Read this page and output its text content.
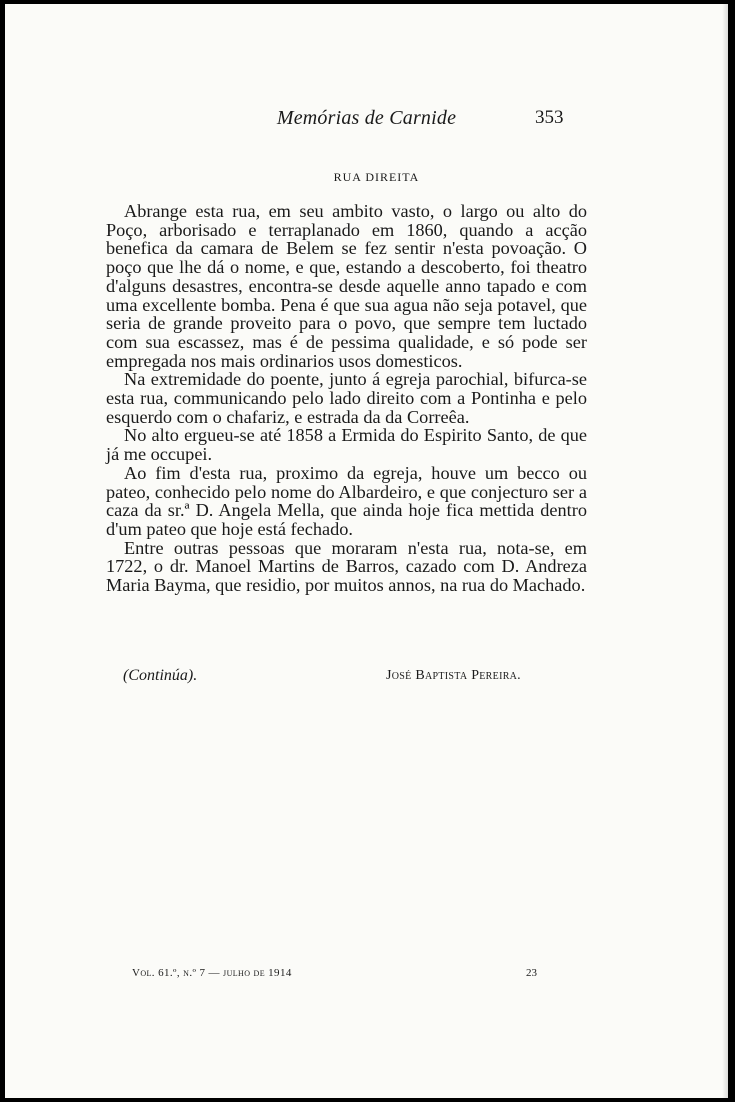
Memórias de Carnide	353
RUA DIREITA

Abrange esta rua, em seu ambito vasto, o largo ou alto do Poço, arborisado e terraplanado em 1860, quando a acção benefica da camara de Belem se fez sentir n'esta povoação. O poço que lhe dá o nome, e que, estando a descoberto, foi theatro d'alguns desastres, encontra-se desde aquelle anno tapado e com uma excellente bomba. Pena é que sua agua não seja potavel, que seria de grande proveito para o povo, que sempre tem luctado com sua escassez, mas é de pessima qualidade, e só pode ser empregada nos mais ordinarios usos domesticos.

Na extremidade do poente, junto á egreja parochial, bifurca-se esta rua, communicando pelo lado direito com a Pontinha e pelo esquerdo com o chafariz, e estrada da da Correêa.

No alto ergueu-se até 1858 a Ermida do Espirito Santo, de que já me occupei.

Ao fim d'esta rua, proximo da egreja, houve um becco ou pateo, conhecido pelo nome do Albardeiro, e que conjecturo ser a caza da sr.ª D. Angela Mella, que ainda hoje fica mettida dentro d'um pateo que hoje está fechado.

Entre outras pessoas que moraram n'esta rua, nota-se, em 1722, o dr. Manoel Martins de Barros, cazado com D. Andreza Maria Bayma, que residio, por muitos annos, na rua do Machado.

(Continúa).	José Baptista Pereira.
Vol. 61.º, n.º 7 — julho de 1914	23
